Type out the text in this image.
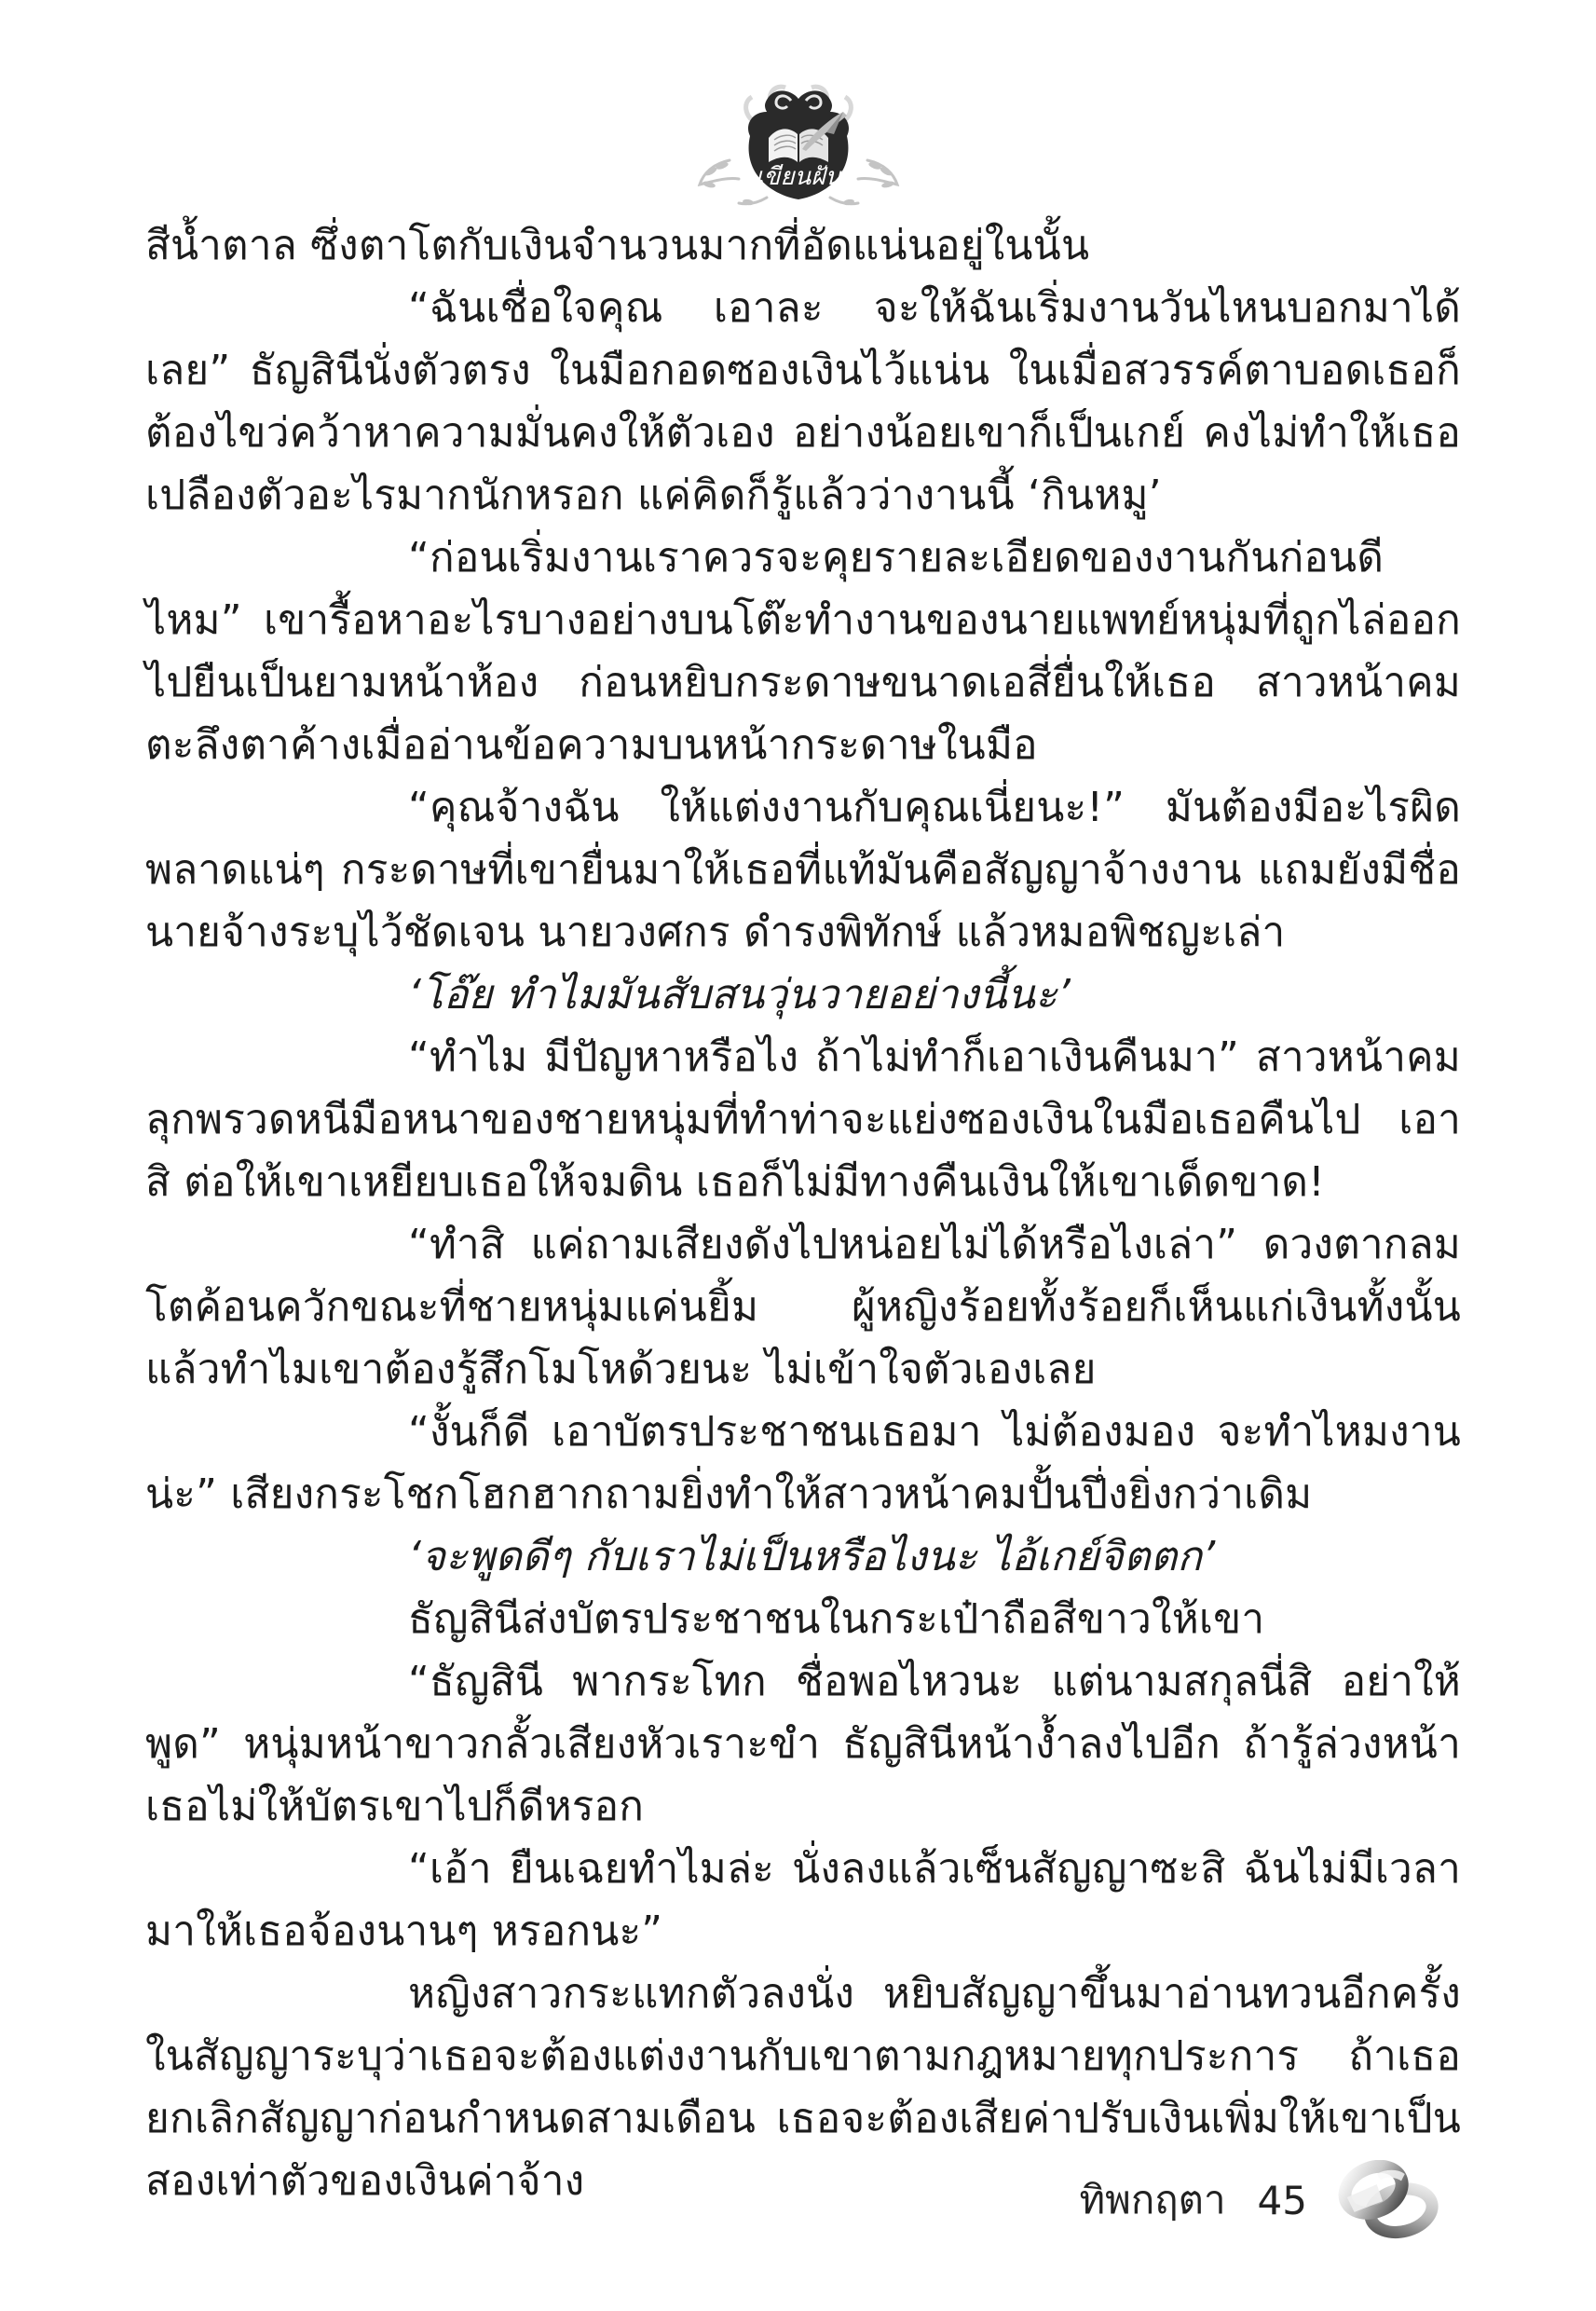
เขียนฝัน

สีน้ำตาล ซึ่งตาโตกับเงินจำนวนมากที่อัดแน่นอยู่ในนั้น

“ฉันเชื่อใจคุณ เอาละ จะให้ฉันเริ่มงานวันไหนบอกมาได้เลย” ธัญสินีนั่งตัวตรง ในมือกอดซองเงินไว้แน่น ในเมื่อสวรรค์ตาบอดเธอก็ต้องไขว่คว้าหาความมั่นคงให้ตัวเอง อย่างน้อยเขาก็เป็นเกย์ คงไม่ทำให้เธอเปลืองตัวอะไรมากนักหรอก แค่คิดก็รู้แล้วว่างานนี้ ‘กินหมู’

“ก่อนเริ่มงานเราควรจะคุยรายละเอียดของงานกันก่อนดีไหม” เขารื้อหาอะไรบางอย่างบนโต๊ะทำงานของนายแพทย์หนุ่มที่ถูกไล่ออกไปยืนเป็นยามหน้าห้อง ก่อนหยิบกระดาษขนาดเอสี่ยื่นให้เธอ สาวหน้าคมตะลึงตาค้างเมื่ออ่านข้อความบนหน้ากระดาษในมือ

“คุณจ้างฉัน ให้แต่งงานกับคุณเนี่ยนะ!” มันต้องมีอะไรผิดพลาดแน่ๆ กระดาษที่เขายื่นมาให้เธอที่แท้มันคือสัญญาจ้างงาน แถมยังมีชื่อนายจ้างระบุไว้ชัดเจน นายวงศกร ดำรงพิทักษ์ แล้วหมอพิชญะเล่า

‘โอ๊ย ทำไมมันสับสนวุ่นวายอย่างนี้นะ’

“ทำไม มีปัญหาหรือไง ถ้าไม่ทำก็เอาเงินคืนมา” สาวหน้าคมลุกพรวดหนีมือหนาของชายหนุ่มที่ทำท่าจะแย่งซองเงินในมือเธอคืนไป เอาสิ ต่อให้เขาเหยียบเธอให้จมดิน เธอก็ไม่มีทางคืนเงินให้เขาเด็ดขาด!

“ทำสิ แค่ถามเสียงดังไปหน่อยไม่ได้หรือไงเล่า” ดวงตากลมโตค้อนควักขณะที่ชายหนุ่มแค่นยิ้ม ผู้หญิงร้อยทั้งร้อยก็เห็นแก่เงินทั้งนั้น แล้วทำไมเขาต้องรู้สึกโมโหด้วยนะ ไม่เข้าใจตัวเองเลย

“งั้นก็ดี เอาบัตรประชาชนเธอมา ไม่ต้องมอง จะทำไหมงานน่ะ” เสียงกระโชกโฮกฮากถามยิ่งทำให้สาวหน้าคมปั้นปึ่งยิ่งกว่าเดิม

‘จะพูดดีๆ กับเราไม่เป็นหรือไงนะ ไอ้เกย์จิตตก’

ธัญสินีส่งบัตรประชาชนในกระเป๋าถือสีขาวให้เขา

“ธัญสินี พากระโทก ชื่อพอไหวนะ แต่นามสกุลนี่สิ อย่าให้พูด” หนุ่มหน้าขาวกลั้วเสียงหัวเราะขำ ธัญสินีหน้าง้ำลงไปอีก ถ้ารู้ล่วงหน้าเธอไม่ให้บัตรเขาไปก็ดีหรอก

“เอ้า ยืนเฉยทำไมล่ะ นั่งลงแล้วเซ็นสัญญาซะสิ ฉันไม่มีเวลามาให้เธอจ้องนานๆ หรอกนะ”

หญิงสาวกระแทกตัวลงนั่ง หยิบสัญญาขึ้นมาอ่านทวนอีกครั้ง ในสัญญาระบุว่าเธอจะต้องแต่งงานกับเขาตามกฎหมายทุกประการ ถ้าเธอยกเลิกสัญญาก่อนกำหนดสามเดือน เธอจะต้องเสียค่าปรับเงินเพิ่มให้เขาเป็นสองเท่าตัวของเงินค่าจ้าง	ทิพกฤตา 45
